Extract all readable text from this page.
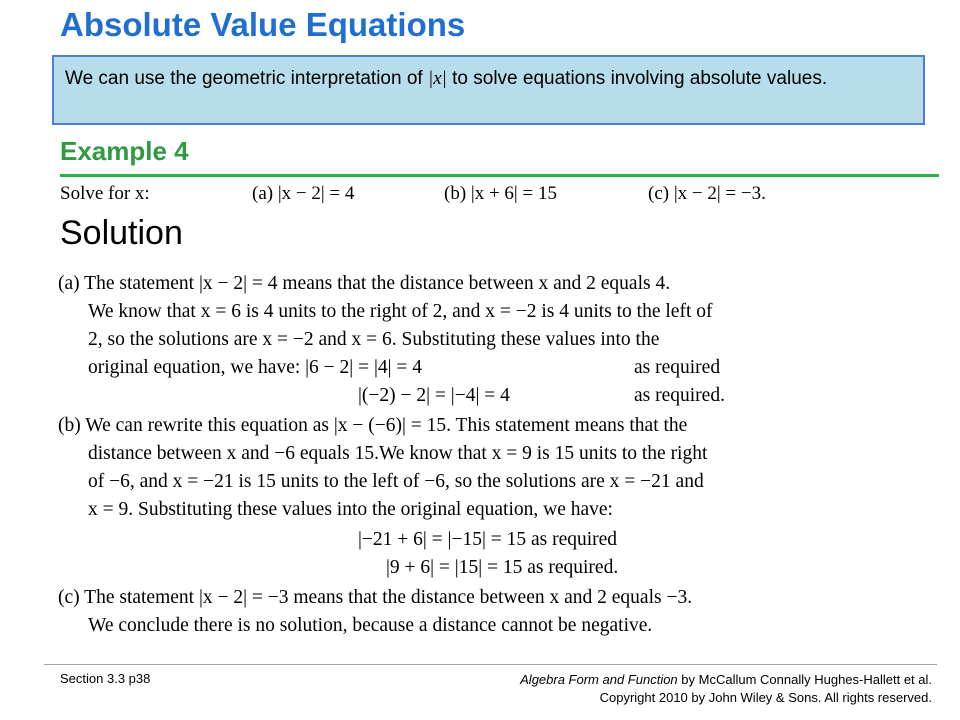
Absolute Value Equations
We can use the geometric interpretation of |x| to solve equations involving absolute values.
Example 4
Solve for x:	(a) |x − 2| = 4	(b) |x + 6| = 15	(c) |x − 2| = −3.
Solution
(a) The statement |x − 2| = 4 means that the distance between x and 2 equals 4.
We know that x = 6 is 4 units to the right of 2, and x = −2 is 4 units to the left of
2, so the solutions are x = −2 and x = 6. Substituting these values into the
original equation, we have: |6 − 2| = |4| = 4	as required
|(−2) − 2| = |−4| = 4	as required.
(b) We can rewrite this equation as |x − (−6)| = 15. This statement means that the
distance between x and −6 equals 15.We know that x = 9 is 15 units to the right
of −6, and x = −21 is 15 units to the left of −6, so the solutions are x = −21 and
x = 9. Substituting these values into the original equation, we have:
|−21 + 6| = |−15| = 15 as required
|9 + 6| = |15| = 15 as required.
(c) The statement |x − 2| = −3 means that the distance between x and 2 equals −3.
We conclude there is no solution, because a distance cannot be negative.
Section 3.3 p38	Algebra Form and Function by McCallum Connally Hughes-Hallett et al.
Copyright 2010 by John Wiley & Sons. All rights reserved.
